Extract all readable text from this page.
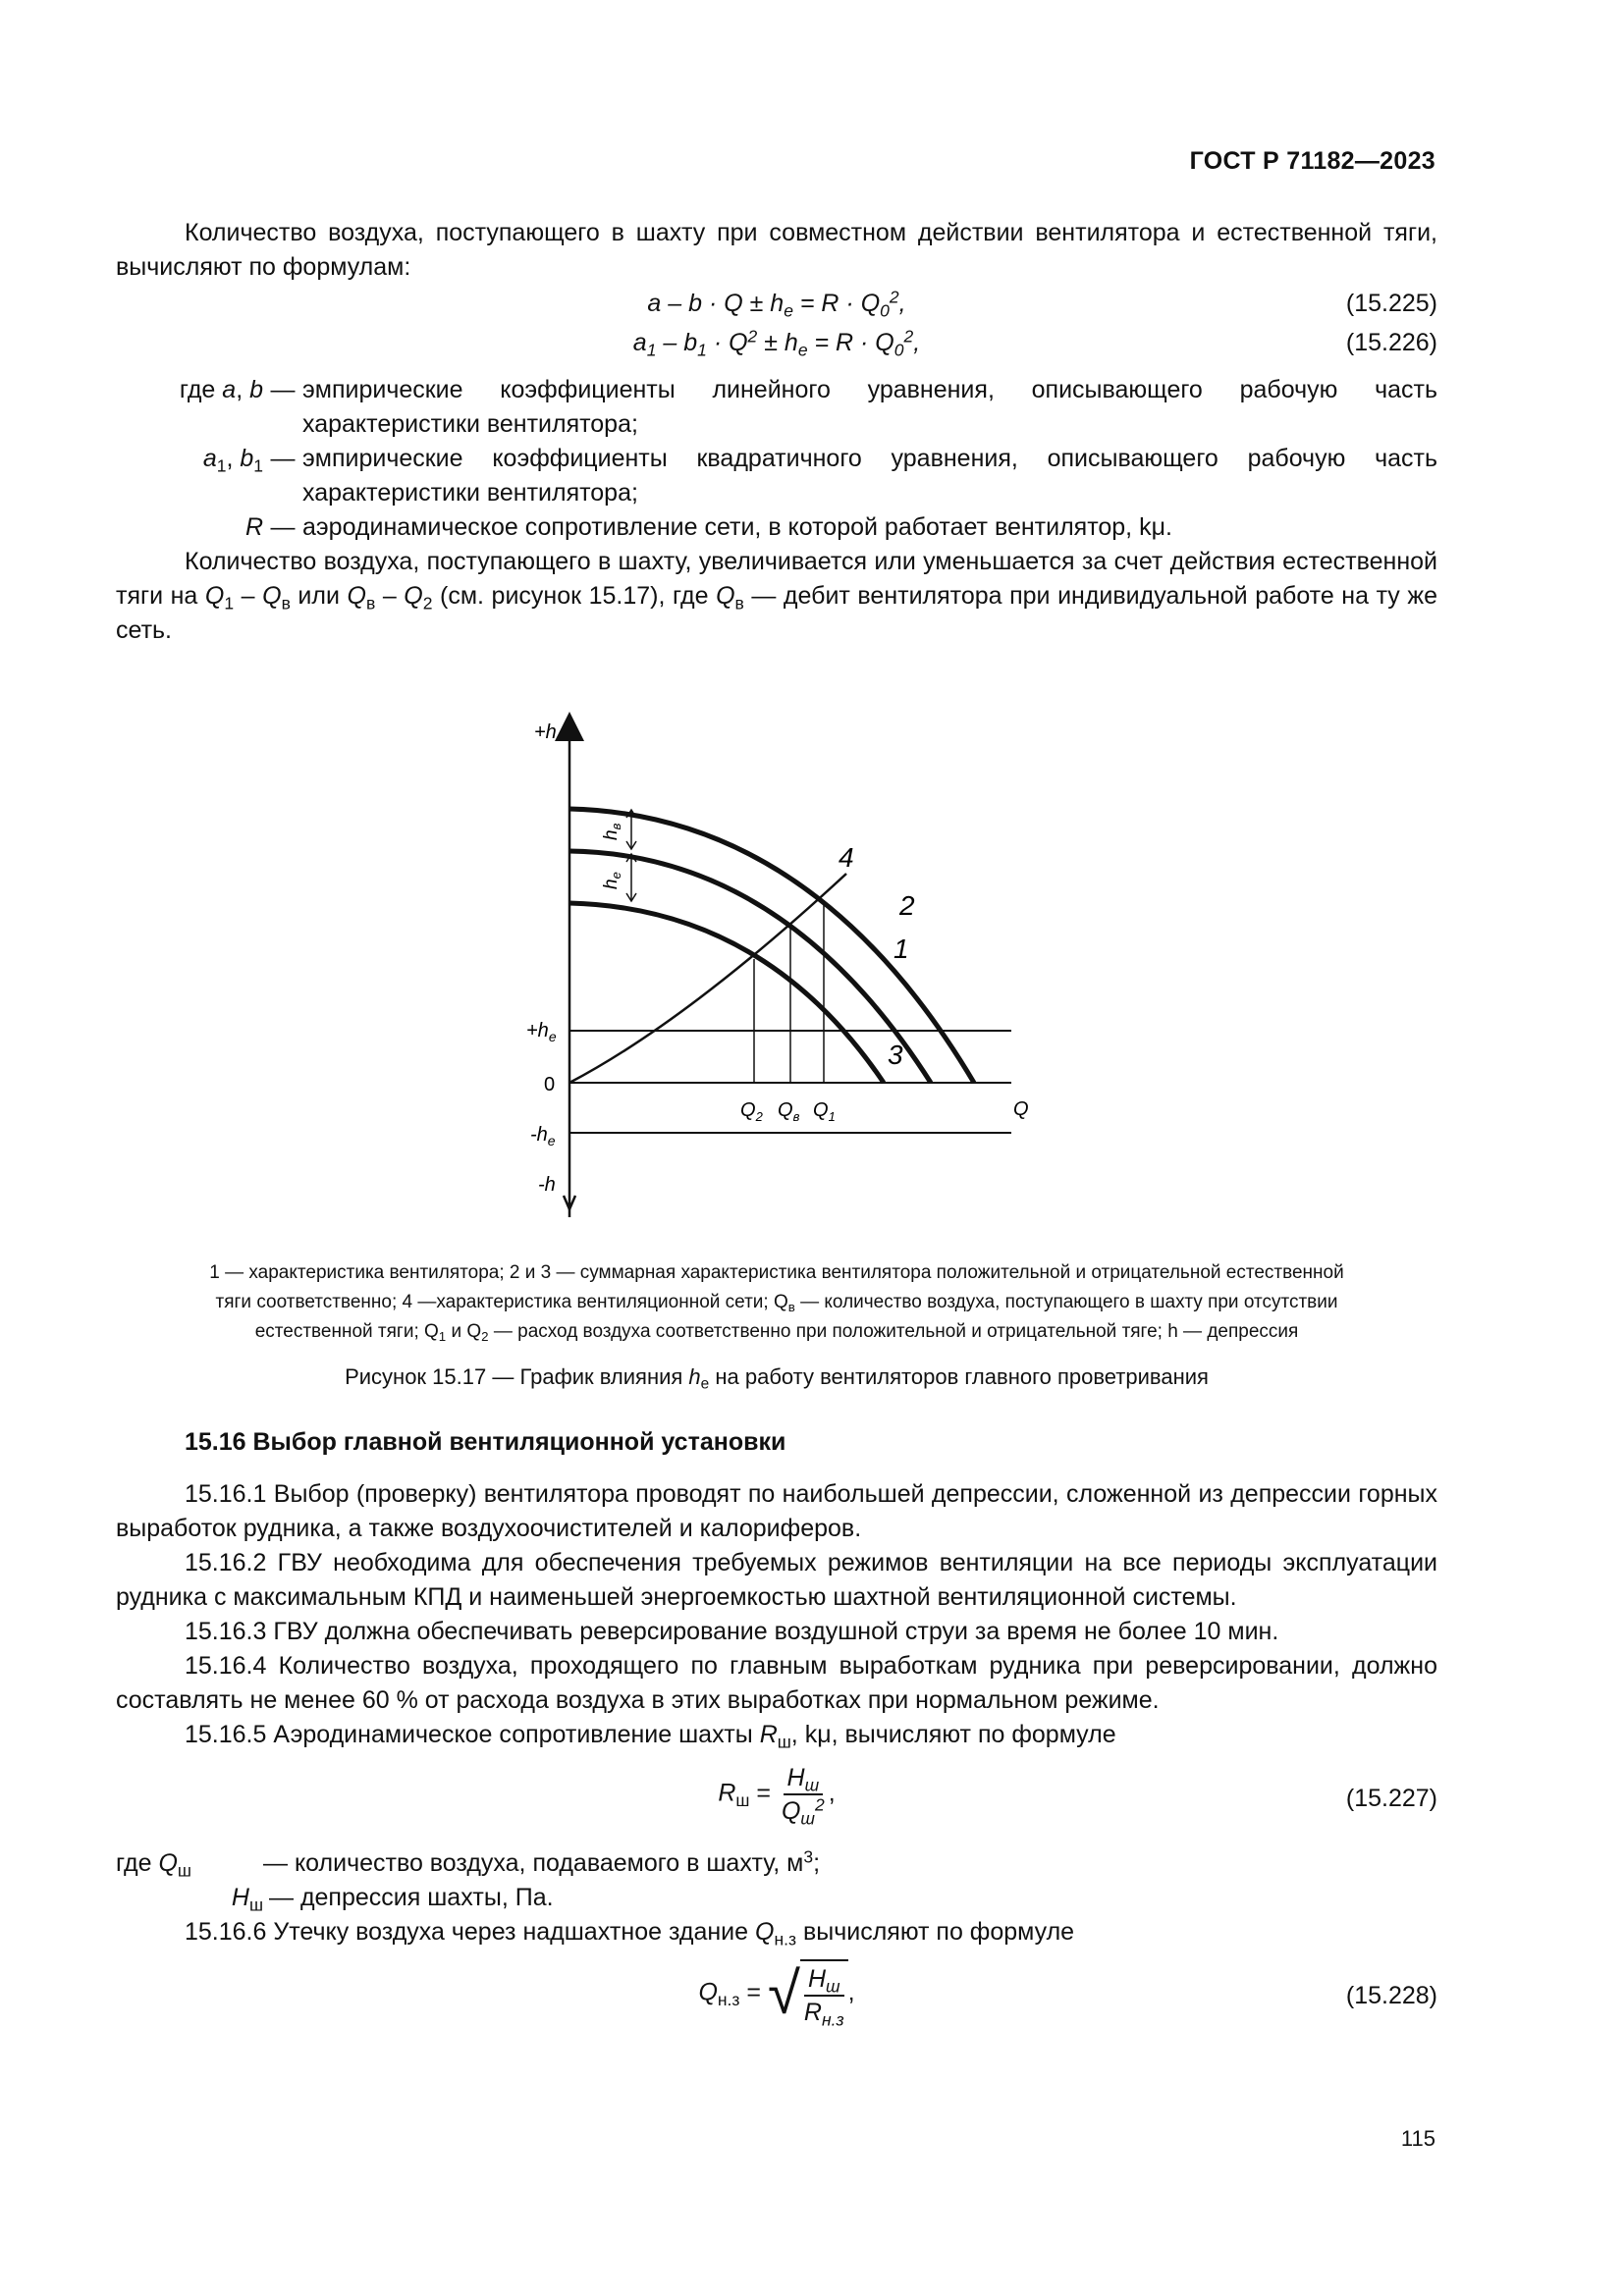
ГОСТ Р 71182—2023

Количество воздуха, поступающего в шахту при совместном действии вентилятора и естественной тяги, вычисляют по формулам:

$a - b \cdot Q \pm h_e = R \cdot Q_0^2$,	(15.225)
$a_1 - b_1 \cdot Q^2 \pm h_e = R \cdot Q_0^2$,	(15.226)
где a, b — эмпирические коэффициенты линейного уравнения, описывающего рабочую часть характеристики вентилятора;
$a_1$, $b_1$ — эмпирические коэффициенты квадратичного уравнения, описывающего рабочую часть характеристики вентилятора;
R — аэродинамическое сопротивление сети, в которой работает вентилятор, kμ.

Количество воздуха, поступающего в шахту, увеличивается или уменьшается за счет действия естественной тяги на $Q_1 - Q_в$ или $Q_в - Q_2$ (см. рисунок 15.17), где $Q_в$ — дебит вентилятора при индивидуальной работе на ту же сеть.

$h_в$
$h_е$
+h
$+h_е$
0
$-h_е$
-h
Q
$Q_2$ $Q_в$ $Q_1$
1
2
3
4
1 — характеристика вентилятора; 2 и 3 — суммарная характеристика вентилятора положительной и отрицательной естественной
тяги соответственно; 4 —характеристика вентиляционной сети; $Q_в$ — количество воздуха, поступающего в шахту при отсутствии
естественной тяги; $Q_1$ и $Q_2$ — расход воздуха соответственно при положительной и отрицательной тяге; h — депрессия
Рисунок 15.17 — График влияния $h_е$ на работу вентиляторов главного проветривания
15.16 Выбор главной вентиляционной установки

15.16.1 Выбор (проверку) вентилятора проводят по наибольшей депрессии, сложенной из депрессии горных выработок рудника, а также воздухоочистителей и калориферов.

15.16.2 ГВУ необходима для обеспечения требуемых режимов вентиляции на все периоды эксплуатации рудника с максимальным КПД и наименьшей энергоемкостью шахтной вентиляционной системы.

15.16.3 ГВУ должна обеспечивать реверсирование воздушной струи за время не более 10 мин.

15.16.4 Количество воздуха, проходящего по главным выработкам рудника при реверсировании, должно составлять не менее 60 % от расхода воздуха в этих выработках при нормальном режиме.

15.16.5 Аэродинамическое сопротивление шахты $R_ш$, kμ, вычисляют по формуле

$R_ш$ =
$H_ш$
$Q_ш^2$ ,	(15.227)
где $Q_ш$	— количество воздуха, подаваемого в шахту, $м^3$;
$H_ш$ — депрессия шахты, Па.

15.16.6 Утечку воздуха через надшахтное здание $Q_{н.з}$ вычисляют по формуле

$Q_{н.з}$ = √ $H_ш$
$R_{н.з}$
,	(15.228)
115
